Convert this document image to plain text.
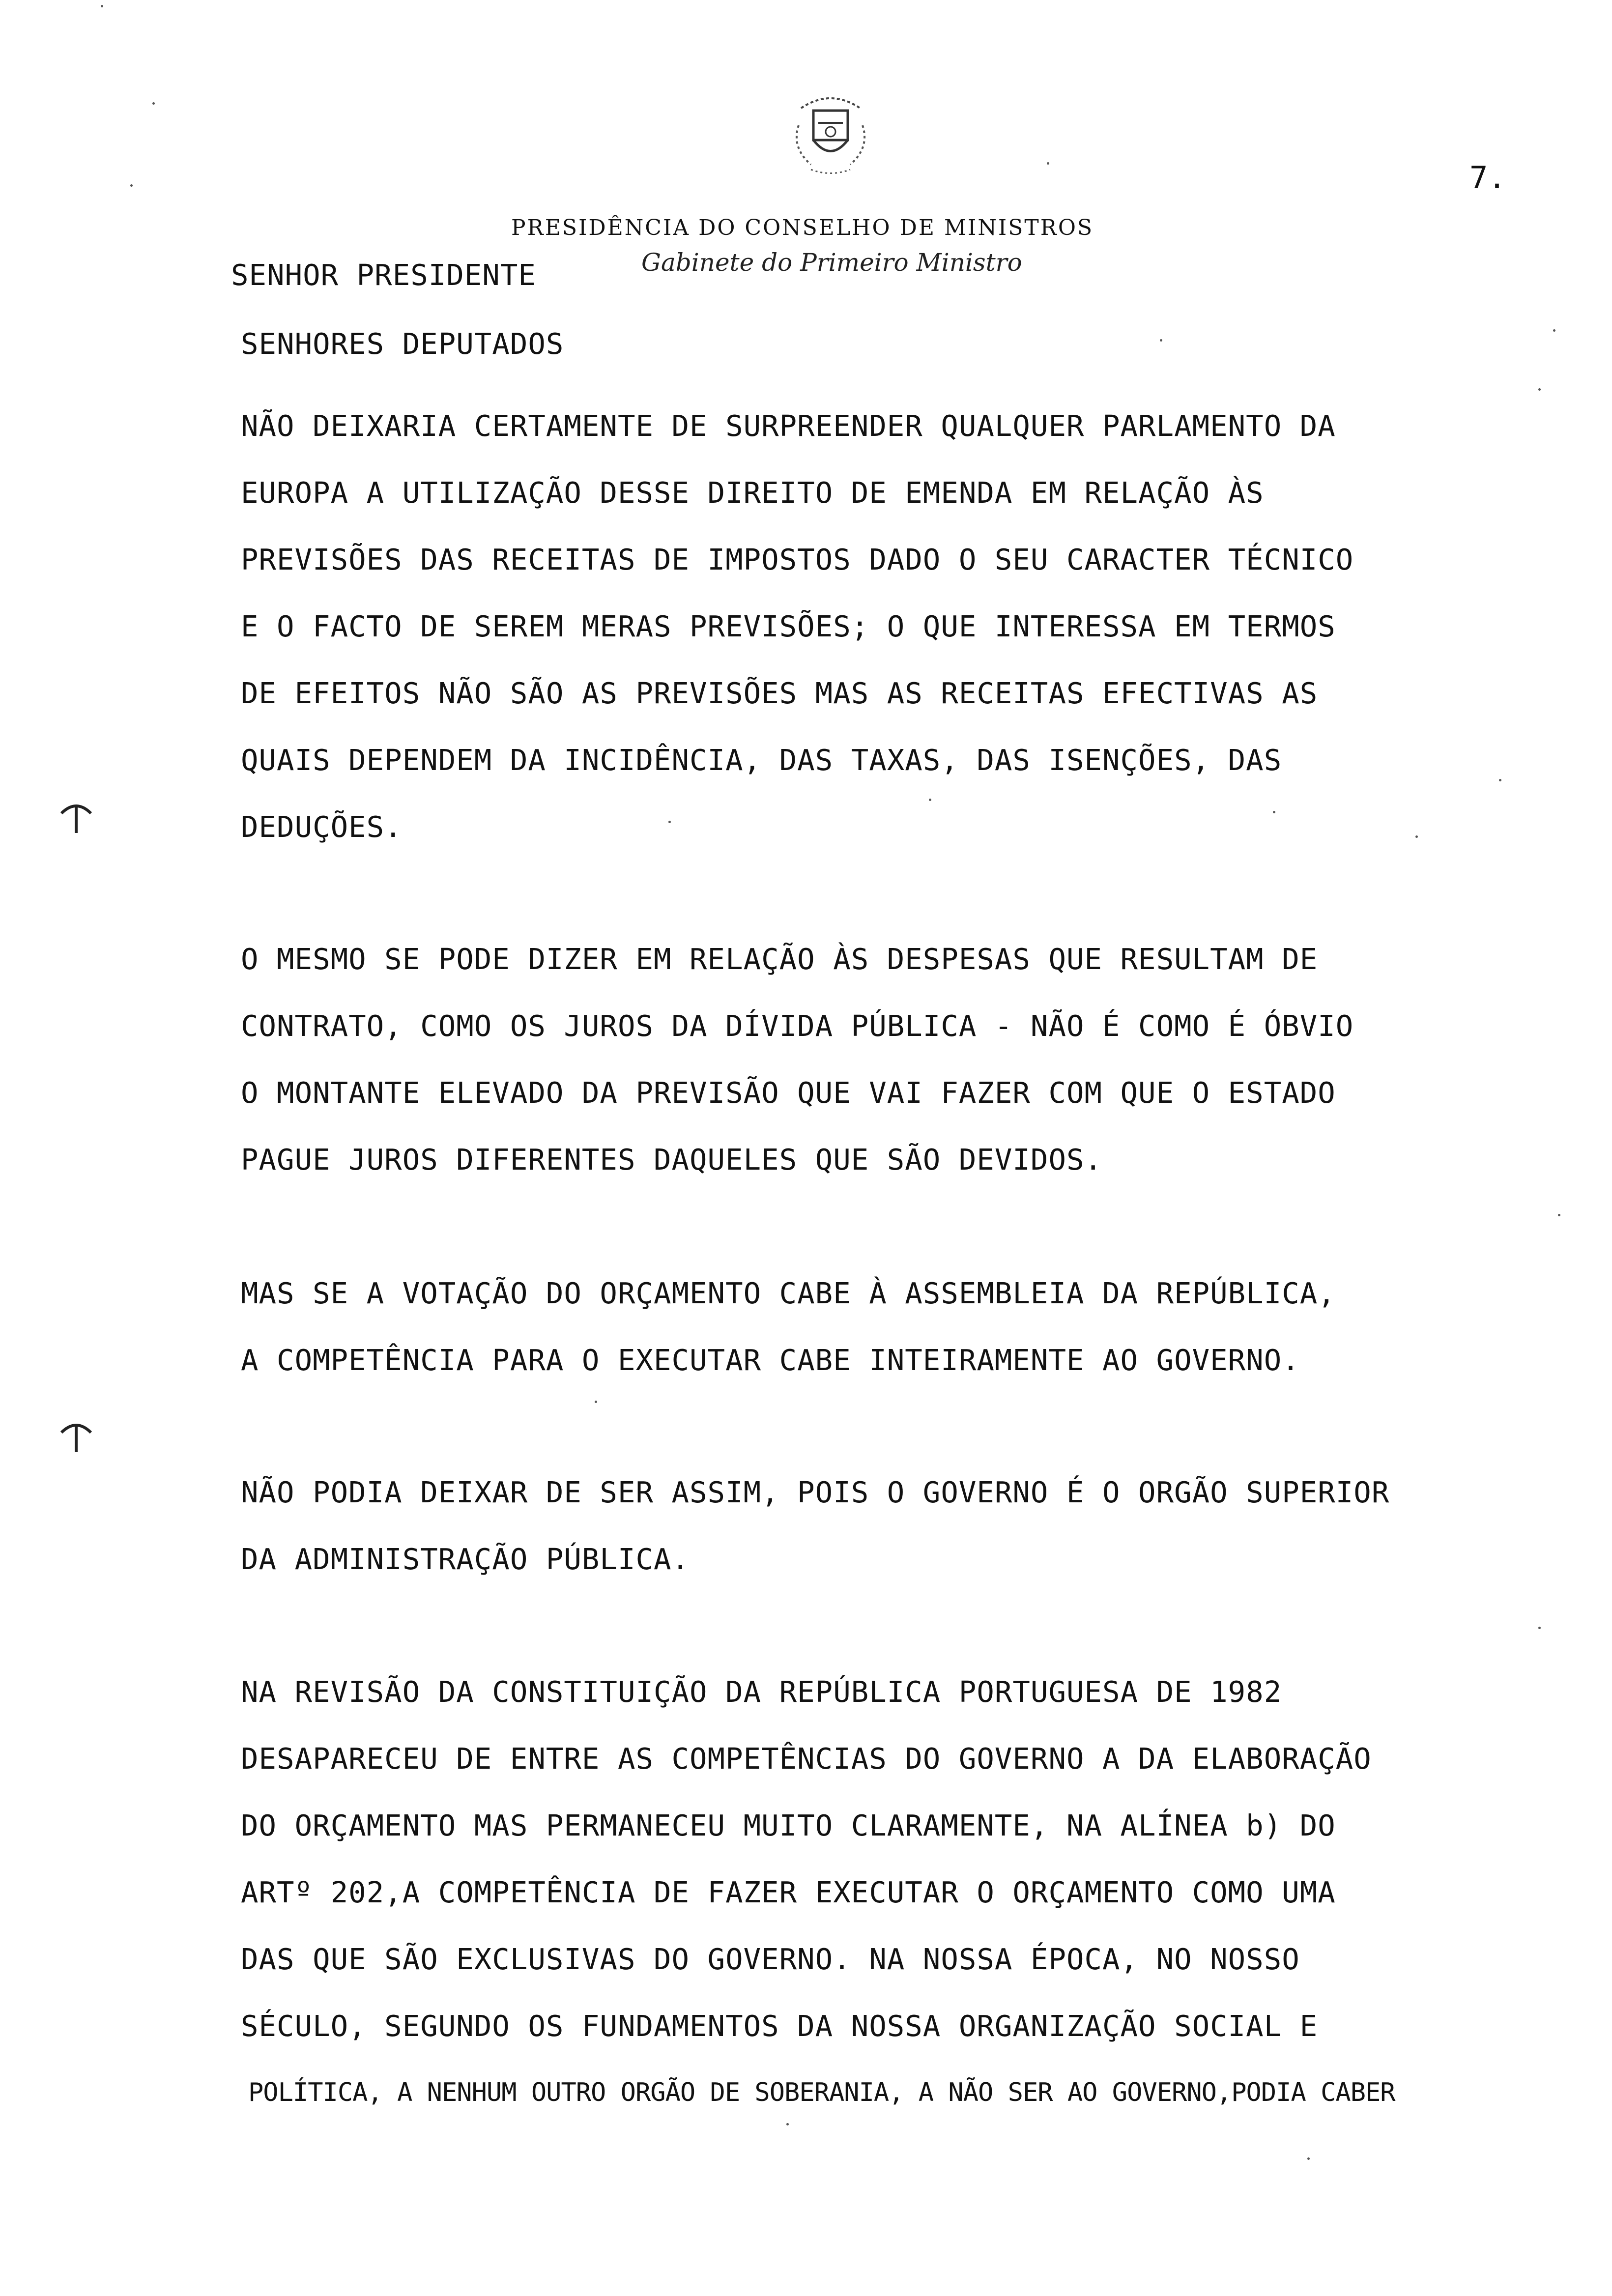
7.
PRESIDÊNCIA DO CONSELHO DE MINISTROS
Gabinete do Primeiro Ministro
SENHOR PRESIDENTE
SENHORES DEPUTADOS
NÃO DEIXARIA CERTAMENTE DE SURPREENDER QUALQUER PARLAMENTO DA
EUROPA A UTILIZAÇÃO DESSE DIREITO DE EMENDA EM RELAÇÃO ÀS
PREVISÕES DAS RECEITAS DE IMPOSTOS DADO O SEU CARACTER TÉCNICO
E O FACTO DE SEREM MERAS PREVISÕES; O QUE INTERESSA EM TERMOS
DE EFEITOS NÃO SÃO AS PREVISÕES MAS AS RECEITAS EFECTIVAS AS
QUAIS DEPENDEM DA INCIDÊNCIA, DAS TAXAS, DAS ISENÇÕES, DAS
DEDUÇÕES.
O MESMO SE PODE DIZER EM RELAÇÃO ÀS DESPESAS QUE RESULTAM DE
CONTRATO, COMO OS JUROS DA DÍVIDA PÚBLICA - NÃO É COMO É ÓBVIO
O MONTANTE ELEVADO DA PREVISÃO QUE VAI FAZER COM QUE O ESTADO
PAGUE JUROS DIFERENTES DAQUELES QUE SÃO DEVIDOS.
MAS SE A VOTAÇÃO DO ORÇAMENTO CABE À ASSEMBLEIA DA REPÚBLICA,
A COMPETÊNCIA PARA O EXECUTAR CABE INTEIRAMENTE AO GOVERNO.
NÃO PODIA DEIXAR DE SER ASSIM, POIS O GOVERNO É O ORGÃO SUPERIOR
DA ADMINISTRAÇÃO PÚBLICA.
NA REVISÃO DA CONSTITUIÇÃO DA REPÚBLICA PORTUGUESA DE 1982
DESAPARECEU DE ENTRE AS COMPETÊNCIAS DO GOVERNO A DA ELABORAÇÃO
DO ORÇAMENTO MAS PERMANECEU MUITO CLARAMENTE, NA ALÍNEA b) DO
ARTº 202,A COMPETÊNCIA DE FAZER EXECUTAR O ORÇAMENTO COMO UMA
DAS QUE SÃO EXCLUSIVAS DO GOVERNO. NA NOSSA ÉPOCA, NO NOSSO
SÉCULO, SEGUNDO OS FUNDAMENTOS DA NOSSA ORGANIZAÇÃO SOCIAL E
POLÍTICA, A NENHUM OUTRO ORGÃO DE SOBERANIA, A NÃO SER AO GOVERNO,PODIA CABER
